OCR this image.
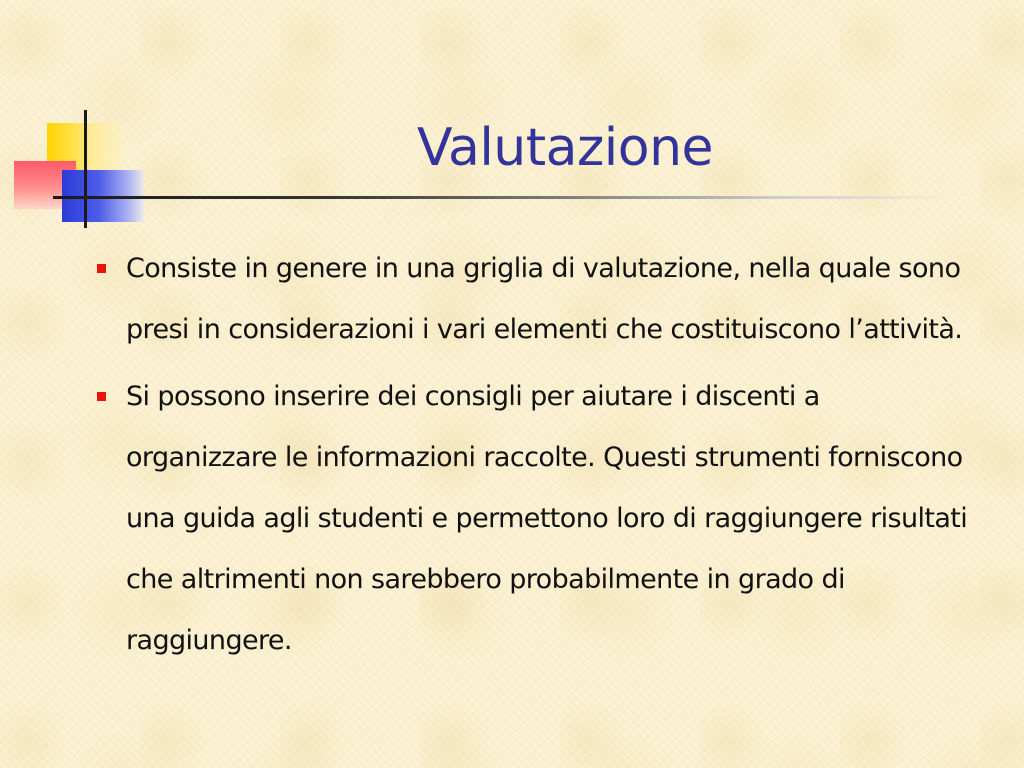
Valutazione
Consiste in genere in una griglia di valutazione, nella quale sono presi in considerazioni i vari elementi che costituiscono l’attività.
Si possono inserire dei consigli per aiutare i discenti a organizzare le informazioni raccolte. Questi strumenti forniscono una guida agli studenti e permettono loro di raggiungere risultati che altrimenti non sarebbero probabilmente in grado di raggiungere.
